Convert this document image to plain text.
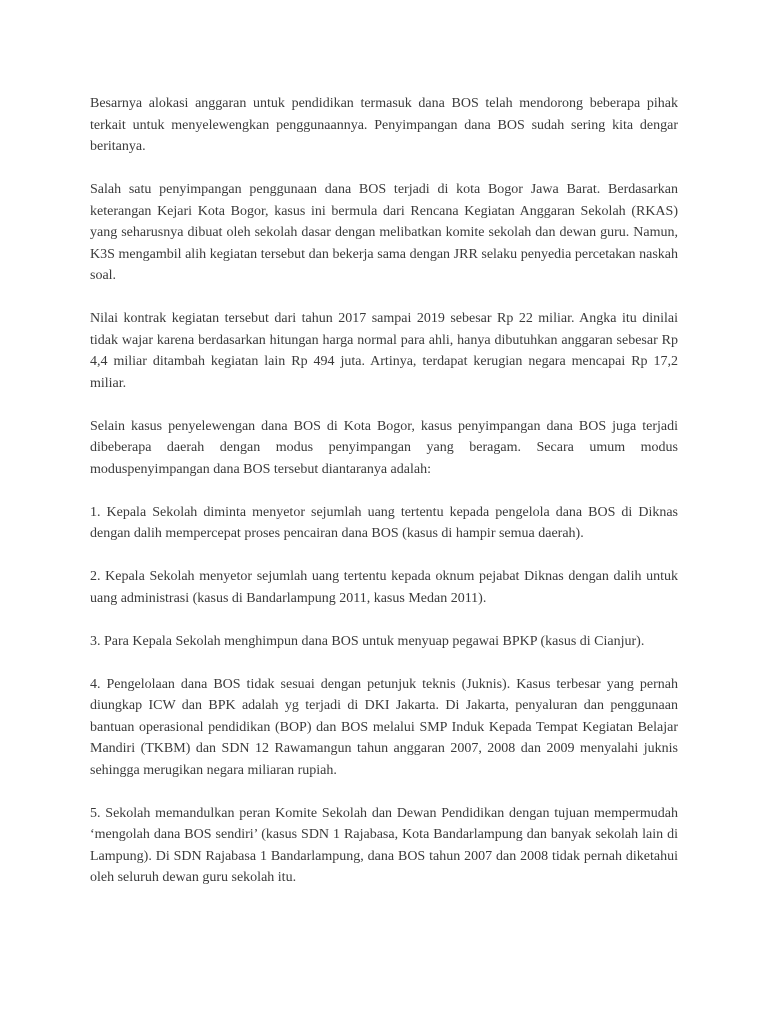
Besarnya alokasi anggaran untuk pendidikan termasuk dana BOS telah mendorong beberapa pihak terkait untuk menyelewengkan penggunaannya. Penyimpangan dana BOS sudah sering kita dengar beritanya.

Salah satu penyimpangan penggunaan dana BOS terjadi di kota Bogor Jawa Barat. Berdasarkan keterangan Kejari Kota Bogor, kasus ini bermula dari Rencana Kegiatan Anggaran Sekolah (RKAS) yang seharusnya dibuat oleh sekolah dasar dengan melibatkan komite sekolah dan dewan guru. Namun, K3S mengambil alih kegiatan tersebut dan bekerja sama dengan JRR selaku penyedia percetakan naskah soal.

Nilai kontrak kegiatan tersebut dari tahun 2017 sampai 2019 sebesar Rp 22 miliar. Angka itu dinilai tidak wajar karena berdasarkan hitungan harga normal para ahli, hanya dibutuhkan anggaran sebesar Rp 4,4 miliar ditambah kegiatan lain Rp 494 juta. Artinya, terdapat kerugian negara mencapai Rp 17,2 miliar.

Selain kasus penyelewengan dana BOS di Kota Bogor, kasus penyimpangan dana BOS juga terjadi dibeberapa daerah dengan modus penyimpangan yang beragam. Secara umum modus moduspenyimpangan dana BOS tersebut diantaranya adalah:

1. Kepala Sekolah diminta menyetor sejumlah uang tertentu kepada pengelola dana BOS di Diknas dengan dalih mempercepat proses pencairan dana BOS (kasus di hampir semua daerah).

2. Kepala Sekolah menyetor sejumlah uang tertentu kepada oknum pejabat Diknas dengan dalih untuk uang administrasi (kasus di Bandarlampung 2011, kasus Medan 2011).

3. Para Kepala Sekolah menghimpun dana BOS untuk menyuap pegawai BPKP (kasus di Cianjur).

4. Pengelolaan dana BOS tidak sesuai dengan petunjuk teknis (Juknis). Kasus terbesar yang pernah diungkap ICW dan BPK adalah yg terjadi di DKI Jakarta. Di Jakarta, penyaluran dan penggunaan bantuan operasional pendidikan (BOP) dan BOS melalui SMP Induk Kepada Tempat Kegiatan Belajar Mandiri (TKBM) dan SDN 12 Rawamangun tahun anggaran 2007, 2008 dan 2009 menyalahi juknis sehingga merugikan negara miliaran rupiah.

5. Sekolah memandulkan peran Komite Sekolah dan Dewan Pendidikan dengan tujuan mempermudah ‘mengolah dana BOS sendiri’ (kasus SDN 1 Rajabasa, Kota Bandarlampung dan banyak sekolah lain di Lampung). Di SDN Rajabasa 1 Bandarlampung, dana BOS tahun 2007 dan 2008 tidak pernah diketahui oleh seluruh dewan guru sekolah itu.
